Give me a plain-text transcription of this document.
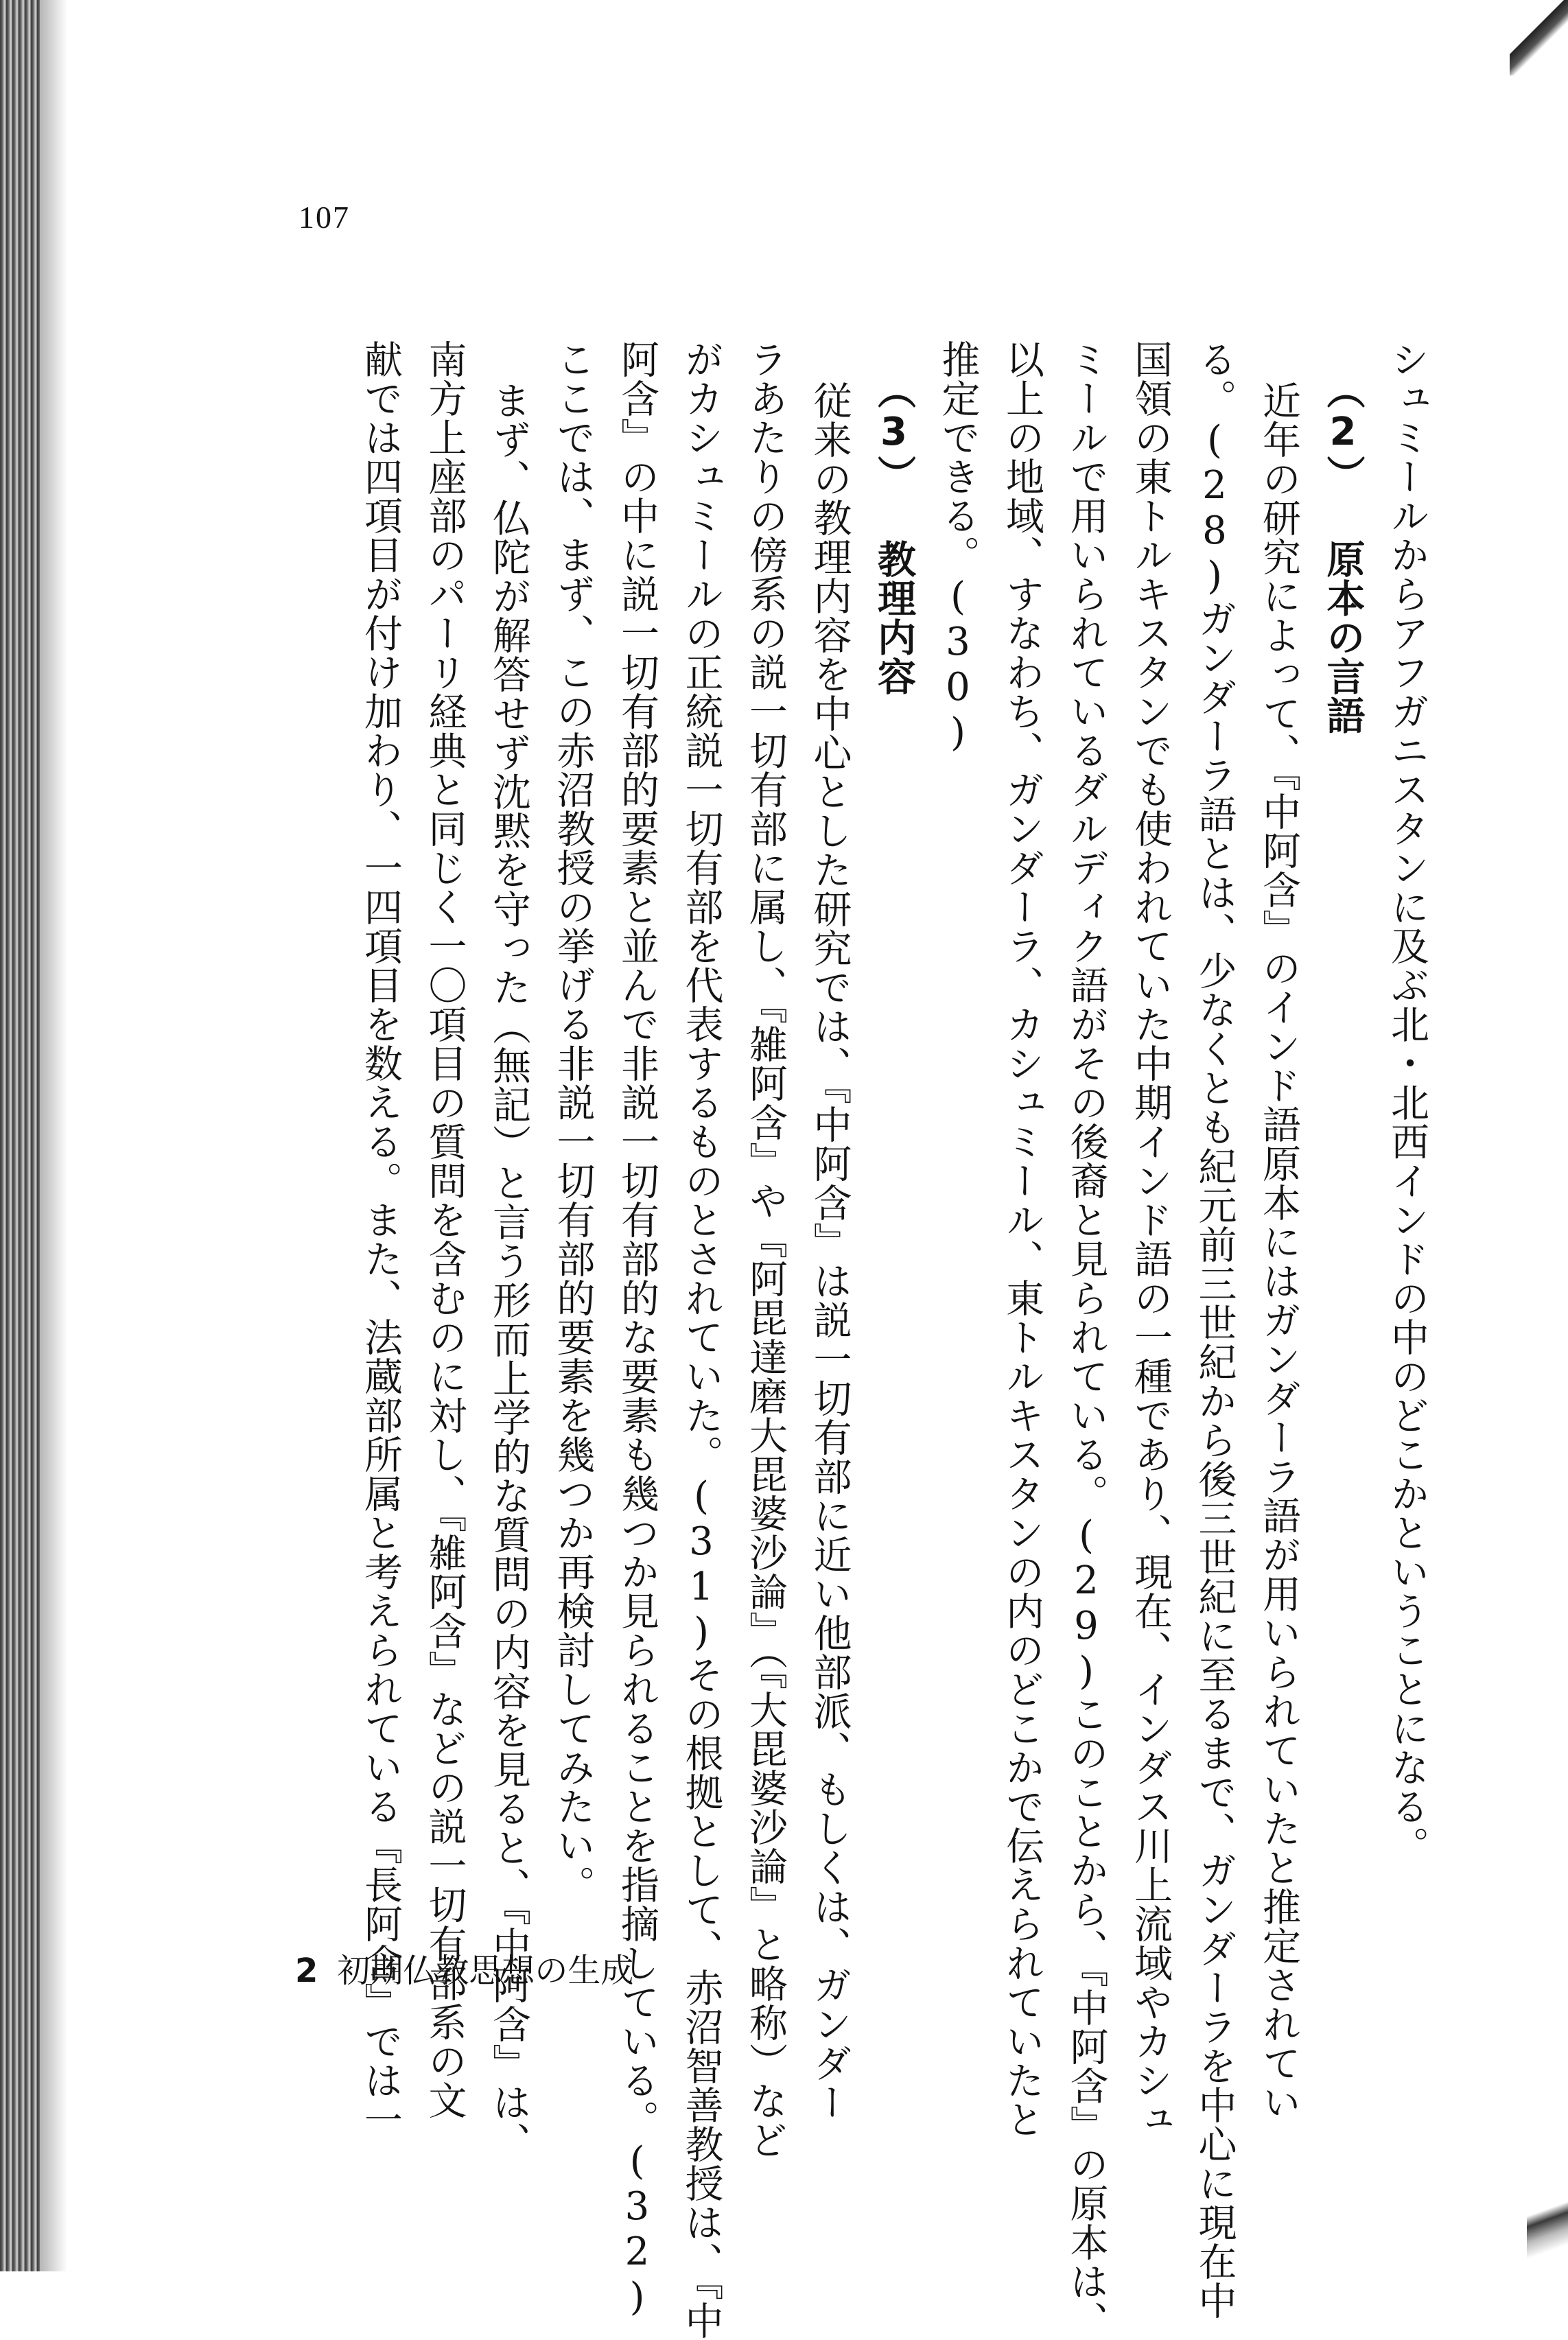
107
シュミールからアフガニスタンに及ぶ北・北西インドの中のどこかということになる。
（2） 原本の言語
近年の研究によって、『中阿含』のインド語原本にはガンダーラ語が用いられていたと推定されてい
る。(28)ガンダーラ語とは、少なくとも紀元前三世紀から後三世紀に至るまで、ガンダーラを中心に現在中
国領の東トルキスタンでも使われていた中期インド語の一種であり、現在、インダス川上流域やカシュ
ミールで用いられているダルディク語がその後裔と見られている。(29)このことから、『中阿含』の原本は、
以上の地域、すなわち、ガンダーラ、カシュミール、東トルキスタンの内のどこかで伝えられていたと
推定できる。(30)
（3） 教理内容
従来の教理内容を中心とした研究では、『中阿含』は説一切有部に近い他部派、もしくは、ガンダー
ラあたりの傍系の説一切有部に属し、『雑阿含』や『阿毘達磨大毘婆沙論』（『大毘婆沙論』と略称）など
がカシュミールの正統説一切有部を代表するものとされていた。(31)その根拠として、赤沼智善教授は、『中
阿含』の中に説一切有部的要素と並んで非説一切有部的な要素も幾つか見られることを指摘している。(32)
ここでは、まず、この赤沼教授の挙げる非説一切有部的要素を幾つか再検討してみたい。
まず、仏陀が解答せず沈黙を守った（無記）と言う形而上学的な質問の内容を見ると、『中阿含』は、
南方上座部のパーリ経典と同じく一〇項目の質問を含むのに対し、『雑阿含』などの説一切有部系の文
献では四項目が付け加わり、一四項目を数える。また、法蔵部所属と考えられている『長阿含』では一
2 初期仏教思想の生成
